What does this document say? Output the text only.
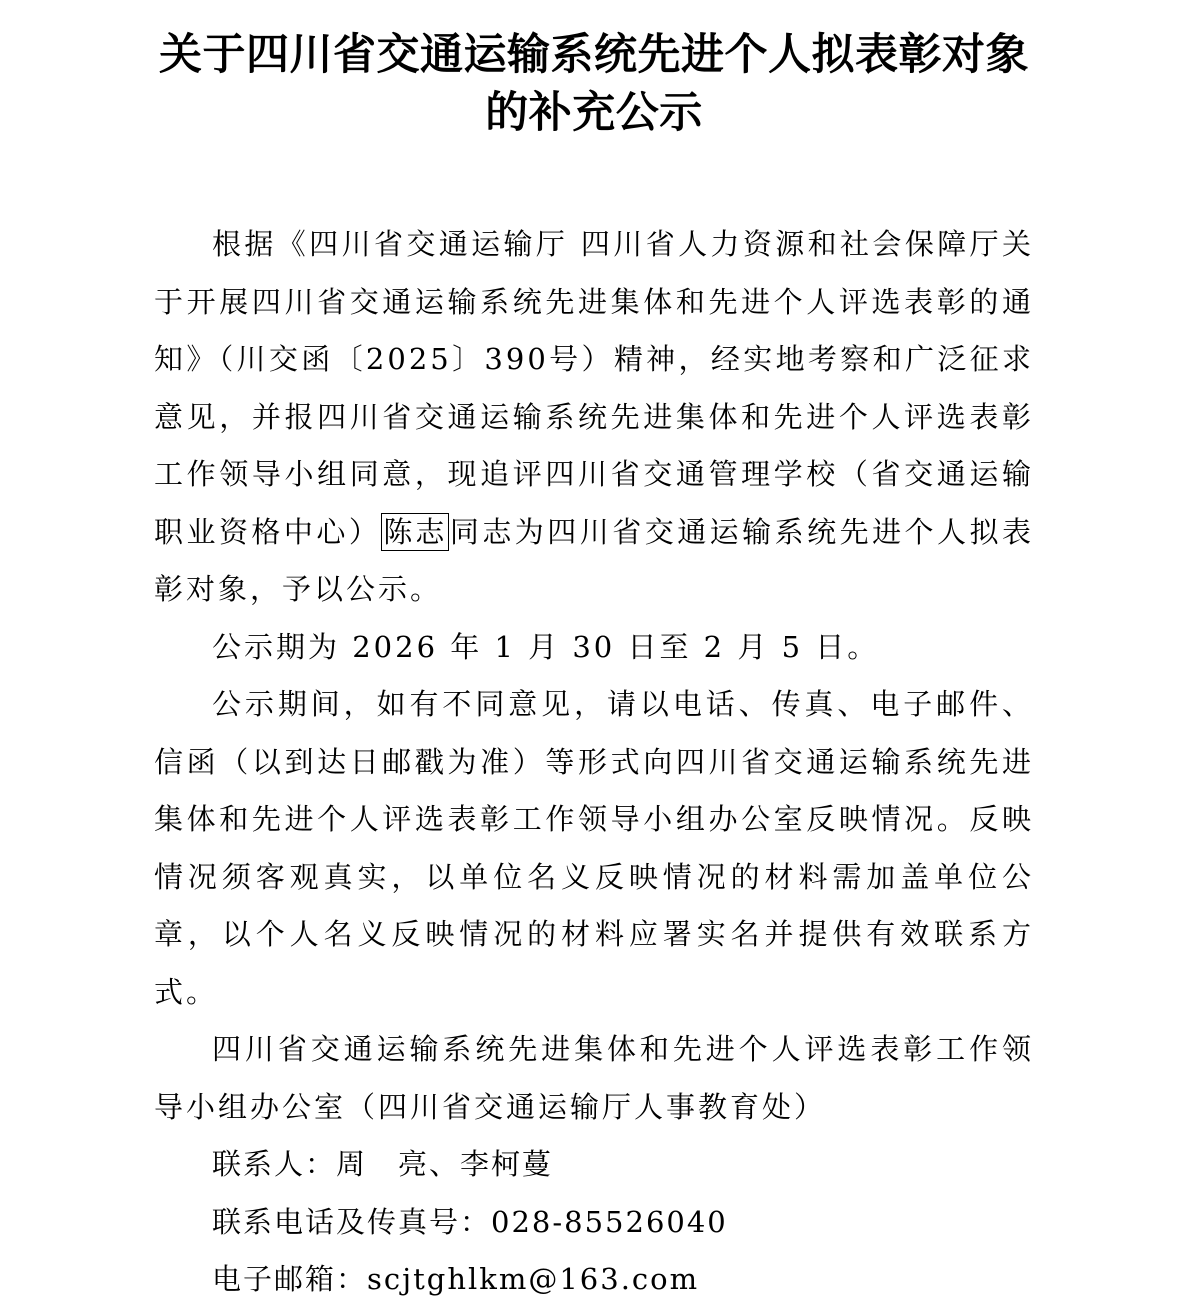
关于四川省交通运输系统先进个人拟表彰对象
的补充公示

根据《四川省交通运输厅 四川省人力资源和社会保障厅关于开展四川省交通运输系统先进集体和先进个人评选表彰的通知》（川交函〔2025〕390号）精神，经实地考察和广泛征求意见，并报四川省交通运输系统先进集体和先进个人评选表彰工作领导小组同意，现追评四川省交通管理学校（省交通运输职业资格中心）陈志同志为四川省交通运输系统先进个人拟表彰对象，予以公示。

公示期为 2026 年 1 月 30 日至 2 月 5 日。

公示期间，如有不同意见，请以电话、传真、电子邮件、信函（以到达日邮戳为准）等形式向四川省交通运输系统先进集体和先进个人评选表彰工作领导小组办公室反映情况。反映情况须客观真实，以单位名义反映情况的材料需加盖单位公章，以个人名义反映情况的材料应署实名并提供有效联系方式。

四川省交通运输系统先进集体和先进个人评选表彰工作领导小组办公室（四川省交通运输厅人事教育处）

联系人：周　亮、李柯蔓

联系电话及传真号：028-85526040

电子邮箱：scjtghlkm@163.com
